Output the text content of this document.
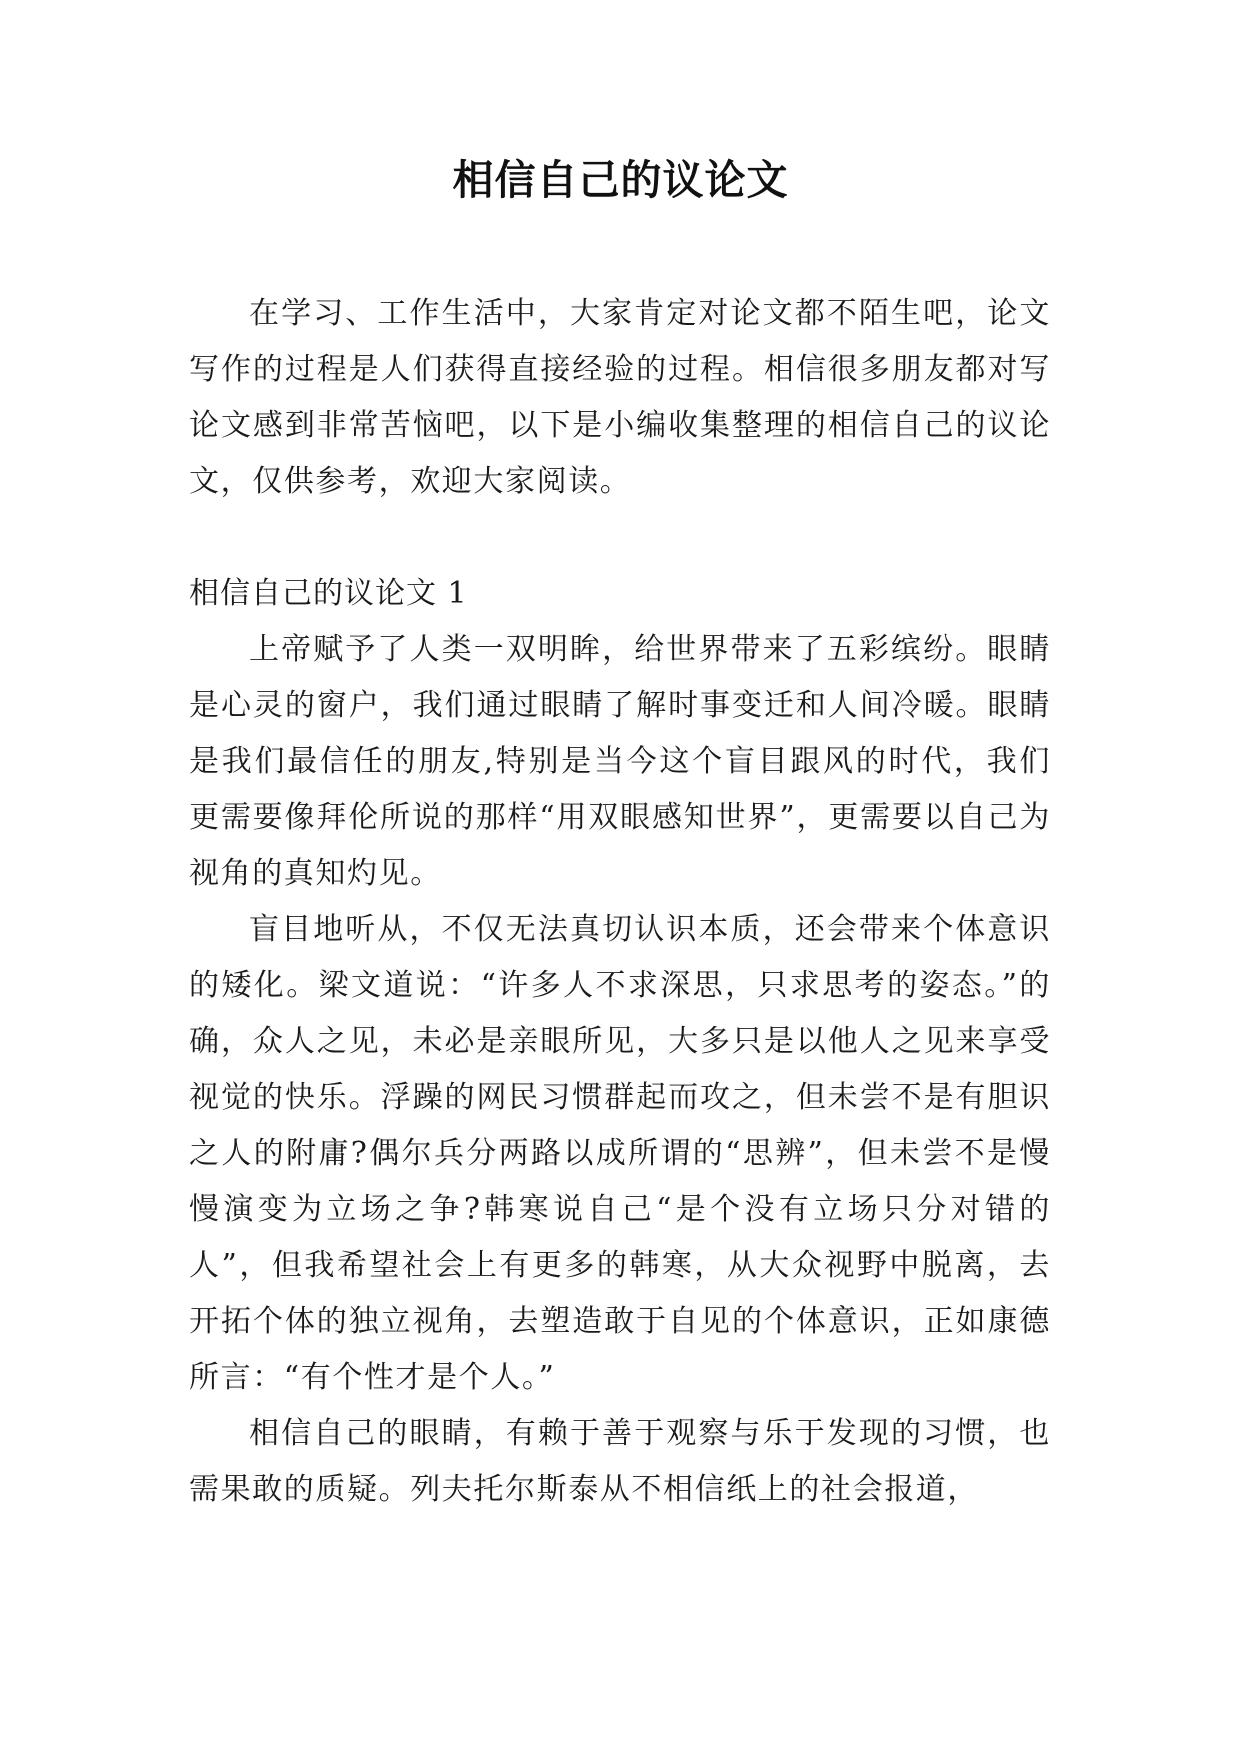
相信自己的议论文

在学习、工作生活中，大家肯定对论文都不陌生吧，论文写作的过程是人们获得直接经验的过程。相信很多朋友都对写论文感到非常苦恼吧，以下是小编收集整理的相信自己的议论文，仅供参考，欢迎大家阅读。

相信自己的议论文 1

上帝赋予了人类一双明眸，给世界带来了五彩缤纷。眼睛是心灵的窗户，我们通过眼睛了解时事变迁和人间冷暖。眼睛是我们最信任的朋友,特别是当今这个盲目跟风的时代，我们更需要像拜伦所说的那样“用双眼感知世界”，更需要以自己为视角的真知灼见。

盲目地听从，不仅无法真切认识本质，还会带来个体意识的矮化。梁文道说：“许多人不求深思，只求思考的姿态。”的确，众人之见，未必是亲眼所见，大多只是以他人之见来享受视觉的快乐。浮躁的网民习惯群起而攻之，但未尝不是有胆识之人的附庸?偶尔兵分两路以成所谓的“思辨”，但未尝不是慢慢演变为立场之争?韩寒说自己“是个没有立场只分对错的人”，但我希望社会上有更多的韩寒，从大众视野中脱离，去开拓个体的独立视角，去塑造敢于自见的个体意识，正如康德所言：“有个性才是个人。”

相信自己的眼睛，有赖于善于观察与乐于发现的习惯，也需果敢的质疑。列夫托尔斯泰从不相信纸上的社会报道，
